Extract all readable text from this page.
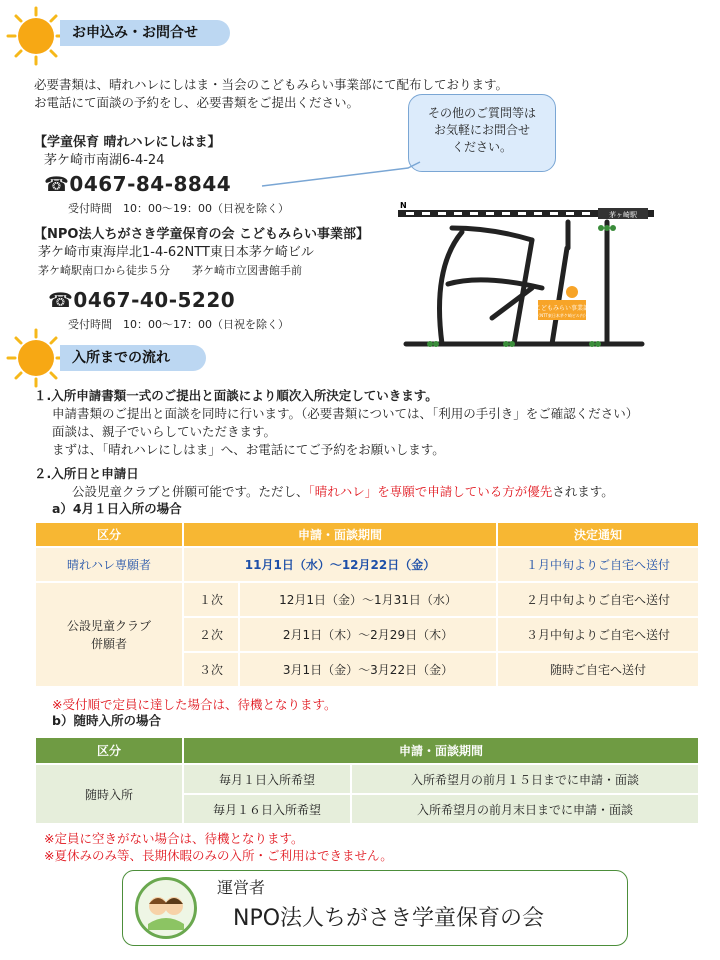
お申込み・お問合せ
必要書類は、晴れハレにしはま・当会のこどもみらい事業部にて配布しております。
お電話にて面談の予約をし、必要書類をご提出ください。
その他のご質問等は
お気軽にお問合せ
ください。
【学童保育 晴れハレにしはま】
茅ケ崎市南湖6-4-24
☎0467-84-8844
受付時間　10：00～19：00（日祝を除く）
【NPO法人ちがさき学童保育の会 こどもみらい事業部】
茅ケ崎市東海岸北1-4-62NTT東日本茅ケ崎ビル
茅ケ崎駅南口から徒歩５分　　茅ケ崎市立図書館手前
☎0467-40-5220
受付時間　10：00～17：00（日祝を除く）
茅ヶ崎駅
N
こどもみらい事業部
（NTT東日本茅ケ崎ビル内）
入所までの流れ
１.入所申請書類一式のご提出と面談により順次入所決定していきます。
申請書類のご提出と面談を同時に行います。（必要書類については、「利用の手引き」をご確認ください）
面談は、親子でいらしていただきます。
まずは、「晴れハレにしはま」へ、お電話にてご予約をお願いします。
２.入所日と申請日
公設児童クラブと併願可能です。ただし、「晴れハレ」を専願で申請している方が優先されます。
a）4月１日入所の場合
区分	申請・面談期間		決定通知
晴れハレ専願者	11月1日（水）～12月22日（金）		１月中旬よりご自宅へ送付

公設児童クラブ
併願者	１次	12月1日（金）～1月31日（水）	２月中旬よりご自宅へ送付
	２次	2月1日（木）～2月29日（木）	３月中旬よりご自宅へ送付
	３次	3月1日（金）～3月22日（金）	随時ご自宅へ送付
※受付順で定員に達した場合は、待機となります。
b）随時入所の場合
区分	申請・面談期間	
随時入所	毎月１日入所希望	入所希望月の前月１５日までに申請・面談
	毎月１６日入所希望	入所希望月の前月末日までに申請・面談
※定員に空きがない場合は、待機となります。
※夏休みのみ等、長期休暇のみの入所・ご利用はできません。
運営者
NPO法人ちがさき学童保育の会
